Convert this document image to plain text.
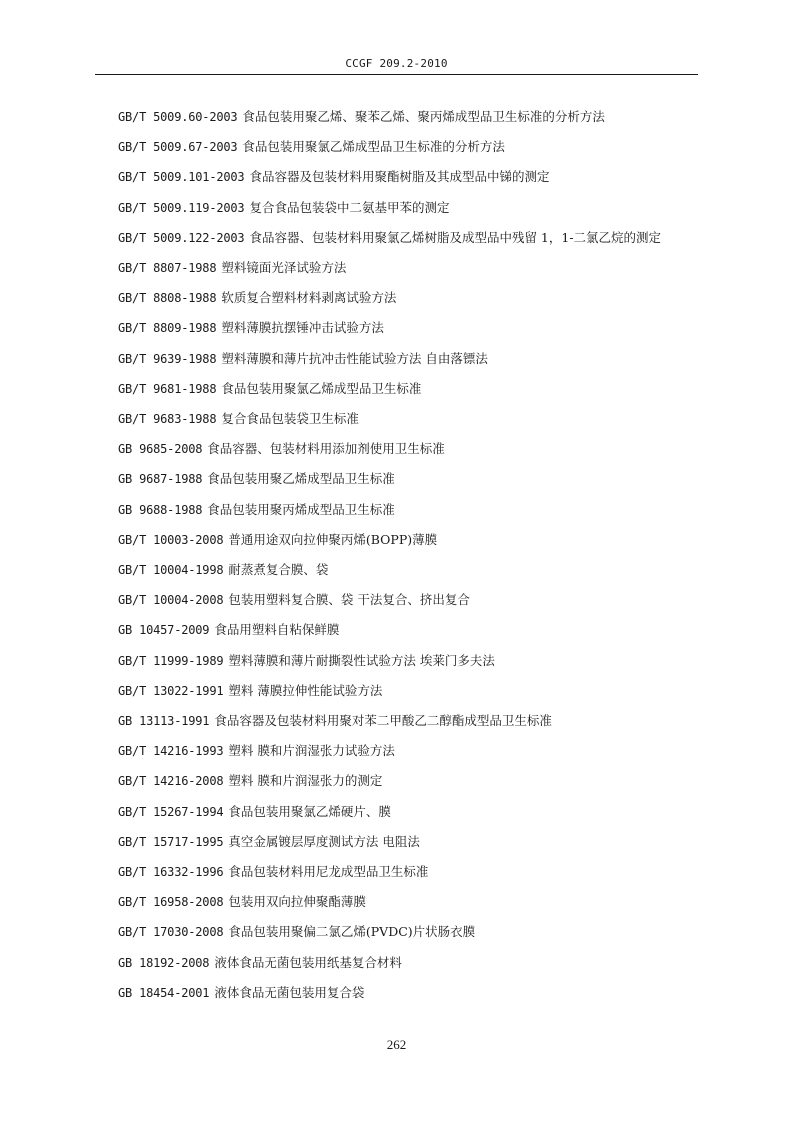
CCGF 209.2-2010
GB/T 5009.60-2003 食品包装用聚乙烯、聚苯乙烯、聚丙烯成型品卫生标准的分析方法
GB/T 5009.67-2003 食品包装用聚氯乙烯成型品卫生标准的分析方法
GB/T 5009.101-2003 食品容器及包装材料用聚酯树脂及其成型品中锑的测定
GB/T 5009.119-2003 复合食品包装袋中二氨基甲苯的测定
GB/T 5009.122-2003 食品容器、包装材料用聚氯乙烯树脂及成型品中残留 1，1-二氯乙烷的测定
GB/T 8807-1988 塑料镜面光泽试验方法
GB/T 8808-1988 软质复合塑料材料剥离试验方法
GB/T 8809-1988 塑料薄膜抗摆锤冲击试验方法
GB/T 9639-1988 塑料薄膜和薄片抗冲击性能试验方法 自由落镖法
GB/T 9681-1988 食品包装用聚氯乙烯成型品卫生标准
GB/T 9683-1988 复合食品包装袋卫生标准
GB 9685-2008 食品容器、包装材料用添加剂使用卫生标准
GB 9687-1988 食品包装用聚乙烯成型品卫生标准
GB 9688-1988 食品包装用聚丙烯成型品卫生标准
GB/T 10003-2008 普通用途双向拉伸聚丙烯(BOPP)薄膜
GB/T 10004-1998 耐蒸煮复合膜、袋
GB/T 10004-2008 包装用塑料复合膜、袋 干法复合、挤出复合
GB 10457-2009 食品用塑料自粘保鲜膜
GB/T 11999-1989 塑料薄膜和薄片耐撕裂性试验方法 埃莱门多夫法
GB/T 13022-1991 塑料 薄膜拉伸性能试验方法
GB 13113-1991 食品容器及包装材料用聚对苯二甲酸乙二醇酯成型品卫生标准
GB/T 14216-1993 塑料 膜和片润湿张力试验方法
GB/T 14216-2008 塑料 膜和片润湿张力的测定
GB/T 15267-1994 食品包装用聚氯乙烯硬片、膜
GB/T 15717-1995 真空金属镀层厚度测试方法 电阻法
GB/T 16332-1996 食品包装材料用尼龙成型品卫生标准
GB/T 16958-2008 包装用双向拉伸聚酯薄膜
GB/T 17030-2008 食品包装用聚偏二氯乙烯(PVDC)片状肠衣膜
GB 18192-2008 液体食品无菌包装用纸基复合材料
GB 18454-2001 液体食品无菌包装用复合袋
262
